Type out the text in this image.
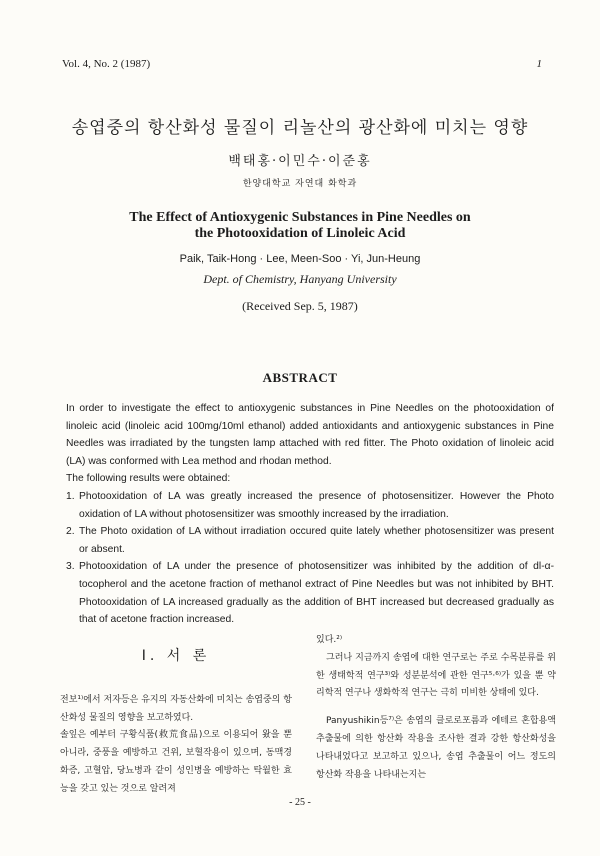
Vol. 4, No. 2 (1987)	1
송엽중의 항산화성 물질이 리놀산의 광산화에 미치는 영향
백태홍·이민수·이준홍
한양대학교 자연대 화학과
The Effect of Antioxygenic Substances in Pine Needles on
the Photooxidation of Linoleic Acid
Paik, Taik-Hong · Lee, Meen-Soo · Yi, Jun-Heung
Dept. of Chemistry, Hanyang University
(Received Sep. 5, 1987)
ABSTRACT

In order to investigate the effect to antioxygenic substances in Pine Needles on the photooxidation of linoleic acid (linoleic acid 100mg/10ml ethanol) added antioxidants and antioxygenic substances in Pine Needles was irradiated by the tungsten lamp attached with red fitter. The Photo oxidation of linoleic acid (LA) was conformed with Lea method and rhodan method.

The following results were obtained:

1. Photooxidation of LA was greatly increased the presence of photosensitizer. However the Photo oxidation of LA without photosensitizer was smoothly increased by the irradiation.
2. The Photo oxidation of LA without irradiation occured quite lately whether photosensitizer was present or absent.
3. Photooxidation of LA under the presence of photosensitizer was inhibited by the addition of dl-α-tocopherol and the acetone fraction of methanol extract of Pine Needles but was not inhibited by BHT. Photooxidation of LA increased gradually as the addition of BHT increased but decreased gradually as that of acetone fraction increased.
I. 서 론

전보¹⁾에서 저자등은 유지의 자동산화에 미치는 송엽중의 항산화성 물질의 영향을 보고하였다.

솔잎은 예부터 구황식품(救荒食品)으로 이용되어 왔을 뿐 아니라, 중풍을 예방하고 건위, 보혈작용이 있으며, 동맥경화증, 고혈압, 당뇨병과 같이 성인병을 예방하는 탁월한 효능을 갖고 있는 것으로 알려져

있다.²⁾

그러나 지금까지 송엽에 대한 연구로는 주로 수목분류를 위한 생태학적 연구³⁾와 성분분석에 관한 연구⁵·⁶⁾가 있을 뿐 약리학적 연구나 생화학적 연구는 극히 미비한 상태에 있다.

Panyushikin등⁷⁾은 송엽의 클로로포름과 에테르 혼합용액 추출물에 의한 항산화 작용을 조사한 결과 강한 항산화성을 나타내었다고 보고하고 있으나, 송엽 추출물이 어느 정도의 항산화 작용을 나타내는지는

- 25 -
